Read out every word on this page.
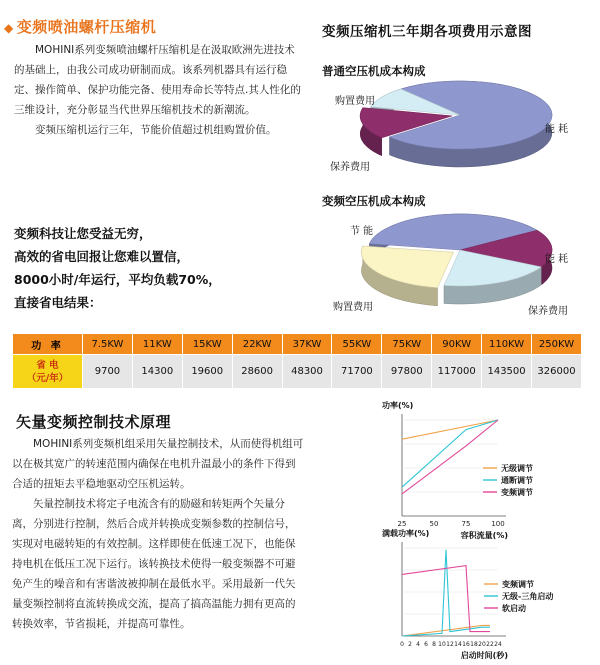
◆ 变频喷油螺杆压缩机

MOHINI系列变频喷油螺杆压缩机是在汲取欧洲先进技术的基础上，由我公司成功研制而成。该系列机器具有运行稳定、操作简单、保护功能完备、使用寿命长等特点.其人性化的三维设计，充分彰显当代世界压缩机技术的新潮流。

变频压缩机运行三年，节能价值超过机组购置价值。

变频科技让您受益无穷，
高效的省电回报让您难以置信，
8000小时/年运行，平均负载70%，
直接省电结果：
变频压缩机三年期各项费用示意图
普通空压机成本构成
变频空压机成本构成
购置费用
能 耗
保养费用
节 能
能 耗
购置费用	保养费用
功 率	7.5KW	11KW	15KW	22KW	37KW	55KW	75KW	90KW	110KW	250KW

省 电
（元/年）	9700	14300	19600	28600	48300	71700	97800	117000	143500	326000
矢量变频控制技术原理

MOHINI系列变频机组采用矢量控制技术，从而使得机组可以在极其宽广的转速范围内确保在电机升温最小的条件下得到合适的扭矩去平稳地驱动空压机运转。

矢量控制技术将定子电流含有的励磁和转矩两个矢量分离，分别进行控制，然后合成并转换成变频参数的控制信号，实现对电磁转矩的有效控制。这样即使在低速工况下，也能保持电机在低压工况下运行。该转换技术使得一般变频器不可避免产生的噪音和有害谐波被抑制在最低水平。采用最新一代矢量变频控制将直流转换成交流，提高了搞高温能力拥有更高的转换效率，节省损耗，并提高可靠性。

25	50	75	100
功率(%)
容积流量(%)
无级调节
通断调节
变频调节
0 2 4 6 8 10 12 14 16 18 20 22 24
满载功率(%)
启动时间(秒)
变频调节
无级-三角启动
软启动
